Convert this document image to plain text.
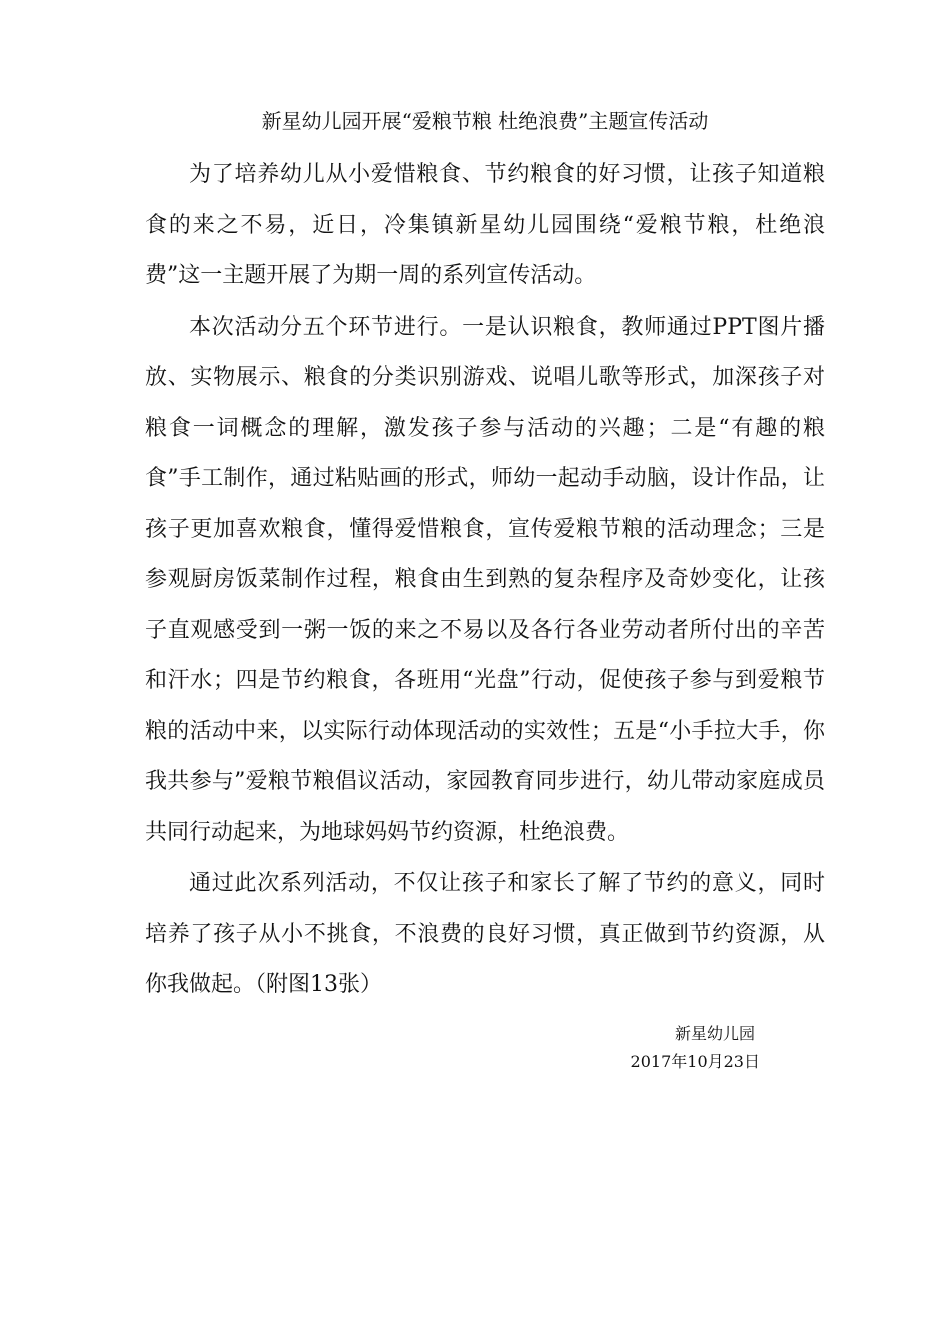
新星幼儿园开展“爱粮节粮 杜绝浪费”主题宣传活动

为了培养幼儿从小爱惜粮食、节约粮食的好习惯，让孩子知道粮食的来之不易，近日，冷集镇新星幼儿园围绕“爱粮节粮，杜绝浪费”这一主题开展了为期一周的系列宣传活动。

本次活动分五个环节进行。一是认识粮食，教师通过PPT图片播放、实物展示、粮食的分类识别游戏、说唱儿歌等形式，加深孩子对粮食一词概念的理解，激发孩子参与活动的兴趣；二是“有趣的粮食”手工制作，通过粘贴画的形式，师幼一起动手动脑，设计作品，让孩子更加喜欢粮食，懂得爱惜粮食，宣传爱粮节粮的活动理念；三是参观厨房饭菜制作过程，粮食由生到熟的复杂程序及奇妙变化，让孩子直观感受到一粥一饭的来之不易以及各行各业劳动者所付出的辛苦和汗水；四是节约粮食，各班用“光盘”行动，促使孩子参与到爱粮节粮的活动中来，以实际行动体现活动的实效性；五是“小手拉大手，你我共参与”爱粮节粮倡议活动，家园教育同步进行，幼儿带动家庭成员共同行动起来，为地球妈妈节约资源，杜绝浪费。

通过此次系列活动，不仅让孩子和家长了解了节约的意义，同时培养了孩子从小不挑食，不浪费的良好习惯，真正做到节约资源，从你我做起。（附图13张）

新星幼儿园
2017年10月23日
